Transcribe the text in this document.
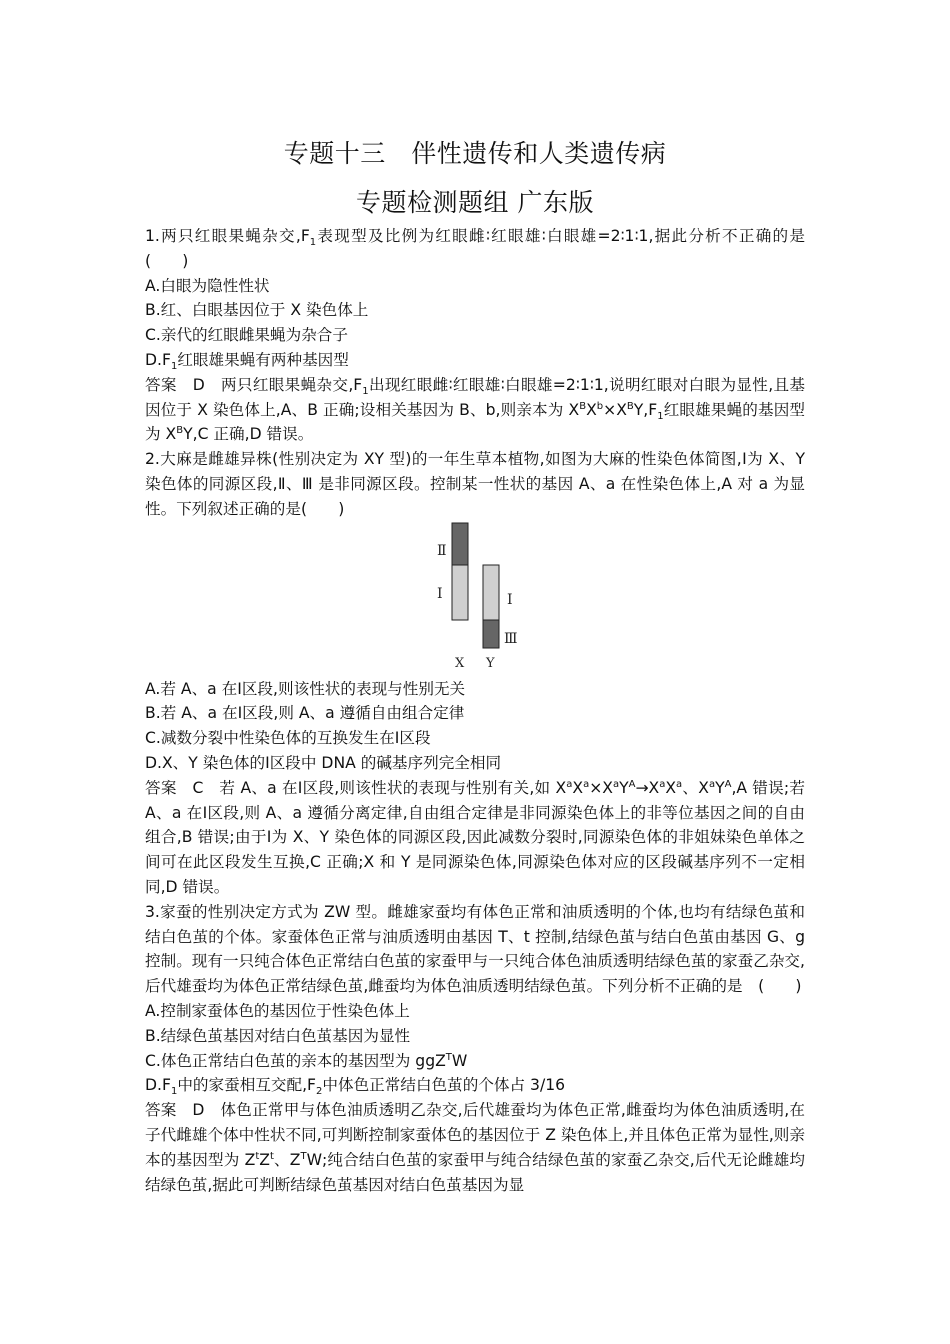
专题十三　伴性遗传和人类遗传病
专题检测题组 广东版

1.两只红眼果蝇杂交$,F_1$表现型及比例为红眼雌∶红眼雄∶白眼雄=2∶1∶1,据此分析不正确的是　(　　)

A.白眼为隐性性状

B.红、白眼基因位于 X 染色体上

C.亲代的红眼雌果蝇为杂合子

$D.F_1$红眼雄果蝇有两种基因型

答案　D　两只红眼果蝇杂交$,F_1$出现红眼雌∶红眼雄∶白眼雄=2∶1∶1,说明红眼对白眼为显性,且基因位于 X 染色体上,A、B 正确;设相关基因为 B、b,则亲本为 $X^BX^b\times X^BY,F_1$红眼雄果蝇的基因型为 $X^BY,C$ 正确,D 错误。

2.大麻是雌雄异株(性别决定为 XY 型)的一年生草本植物,如图为大麻的性染色体简图,Ⅰ为 X、Y 染色体的同源区段,Ⅱ、Ⅲ 是非同源区段。控制某一性状的基因 A、a 在性染色体上,A 对 a 为显性。下列叙述正确的是(　　)

Ⅱ
Ⅰ	Ⅰ
Ⅲ
X Y

A.若 A、a 在Ⅰ区段,则该性状的表现与性别无关

B.若 A、a 在Ⅰ区段,则 A、a 遵循自由组合定律

C.减数分裂中性染色体的互换发生在Ⅰ区段

D.X、Y 染色体的Ⅰ区段中 DNA 的碱基序列完全相同

答案　C　若 A、a 在Ⅰ区段,则该性状的表现与性别有关,如 $X^aX^a\times X^aY^A\to X^aX^a$、$X^aY^A,A$ 错误;若 A、a 在Ⅰ区段,则 A、a 遵循分离定律,自由组合定律是非同源染色体上的非等位基因之间的自由组合,B 错误;由于Ⅰ为 X、Y 染色体的同源区段,因此减数分裂时,同源染色体的非姐妹染色单体之间可在此区段发生互换,C 正确;X 和 Y 是同源染色体,同源染色体对应的区段碱基序列不一定相同,D 错误。

3.家蚕的性别决定方式为 ZW 型。雌雄家蚕均有体色正常和油质透明的个体,也均有结绿色茧和结白色茧的个体。家蚕体色正常与油质透明由基因 T、t 控制,结绿色茧与结白色茧由基因 G、g 控制。现有一只纯合体色正常结白色茧的家蚕甲与一只纯合体色油质透明结绿色茧的家蚕乙杂交,后代雄蚕均为体色正常结绿色茧,雌蚕均为体色油质透明结绿色茧。下列分析不正确的是　(　　)

A.控制家蚕体色的基因位于性染色体上

B.结绿色茧基因对结白色茧基因为显性

C.体色正常结白色茧的亲本的基因型为 ggZ$^T$W

$D.F_1$中的家蚕相互交配$,F_2$中体色正常结白色茧的个体占 3/16

答案　D　体色正常甲与体色油质透明乙杂交,后代雄蚕均为体色正常,雌蚕均为体色油质透明,在子代雌雄个体中性状不同,可判断控制家蚕体色的基因位于 Z 染色体上,并且体色正常为显性,则亲本的基因型为 $Z^tZ^t$、$Z^TW$;纯合结白色茧的家蚕甲与纯合结绿色茧的家蚕乙杂交,后代无论雌雄均结绿色茧,据此可判断结绿色茧基因对结白色茧基因为显
